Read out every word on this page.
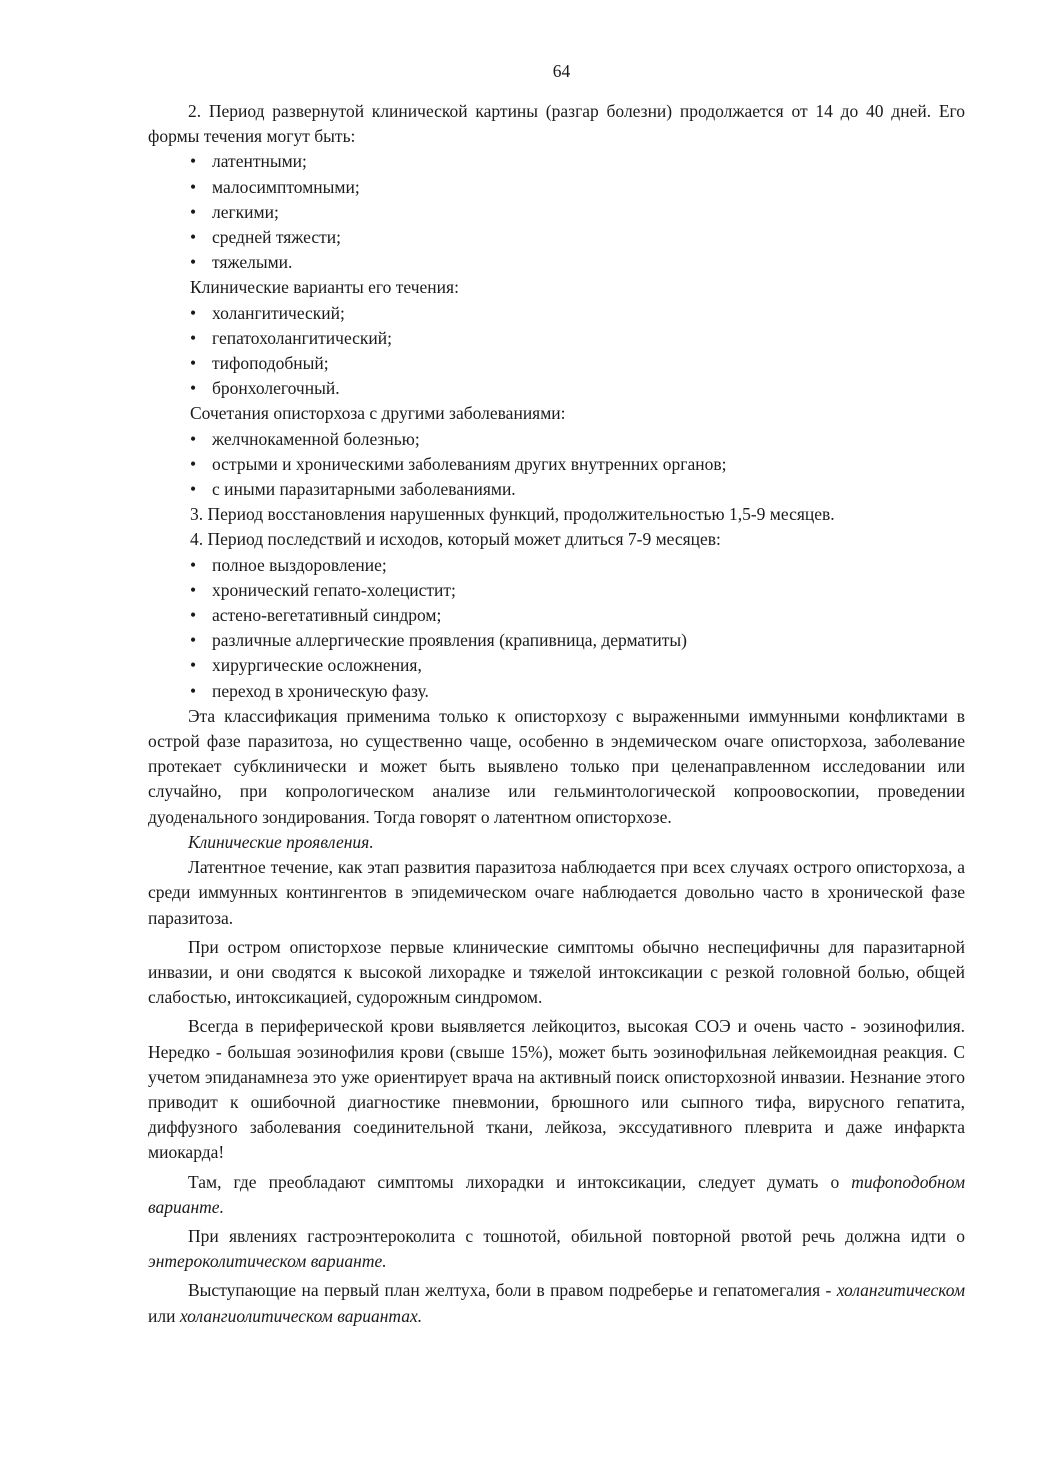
64

2. Период развернутой клинической картины (разгар болезни) продолжается от 14 до 40 дней. Его формы течения могут быть:

• латентными;

• малосимптомными;

• легкими;

• средней тяжести;

• тяжелыми.

Клинические варианты его течения:

• холангитический;

• гепатохолангитический;

• тифоподобный;

• бронхолегочный.

Сочетания описторхоза с другими заболеваниями:

• желчнокаменной болезнью;

• острыми и хроническими заболеваниям других внутренних органов;

• с иными паразитарными заболеваниями.

3. Период восстановления нарушенных функций, продолжительностью 1,5-9 месяцев.

4. Период последствий и исходов, который может длиться 7-9 месяцев:

• полное выздоровление;

• хронический гепато-холецистит;

• астено-вегетативный синдром;

• различные аллергические проявления (крапивница, дерматиты)

• хирургические осложнения,

• переход в хроническую фазу.

Эта классификация применима только к описторхозу с выраженными иммунными конфликтами в острой фазе паразитоза, но существенно чаще, особенно в эндемическом очаге описторхоза, заболевание протекает субклинически и может быть выявлено только при целенаправленном исследовании или случайно, при копрологическом анализе или гельминтологической копроовоскопии, проведении дуоденального зондирования. Тогда говорят о латентном описторхозе.

Клинические проявления.

Латентное течение, как этап развития паразитоза наблюдается при всех случаях острого описторхоза, а среди иммунных контингентов в эпидемическом очаге наблюдается довольно часто в хронической фазе паразитоза.

При остром описторхозе первые клинические симптомы обычно неспецифичны для паразитарной инвазии, и они сводятся к высокой лихорадке и тяжелой интоксикации с резкой головной болью, общей слабостью, интоксикацией, судорожным синдромом.

Всегда в периферической крови выявляется лейкоцитоз, высокая СОЭ и очень часто - эозинофилия. Нередко - большая эозинофилия крови (свыше 15%), может быть эозинофильная лейкемоидная реакция. С учетом эпиданамнеза это уже ориентирует врача на активный поиск описторхозной инвазии. Незнание этого приводит к ошибочной диагностике пневмонии, брюшного или сыпного тифа, вирусного гепатита, диффузного заболевания соединительной ткани, лейкоза, экссудативного плеврита и даже инфаркта миокарда!

Там, где преобладают симптомы лихорадки и интоксикации, следует думать о тифоподобном варианте.

При явлениях гастроэнтероколита с тошнотой, обильной повторной рвотой речь должна идти о энтероколитическом варианте.

Выступающие на первый план желтуха, боли в правом подреберье и гепатомегалия - холангитическом или холангиолитическом вариантах.
